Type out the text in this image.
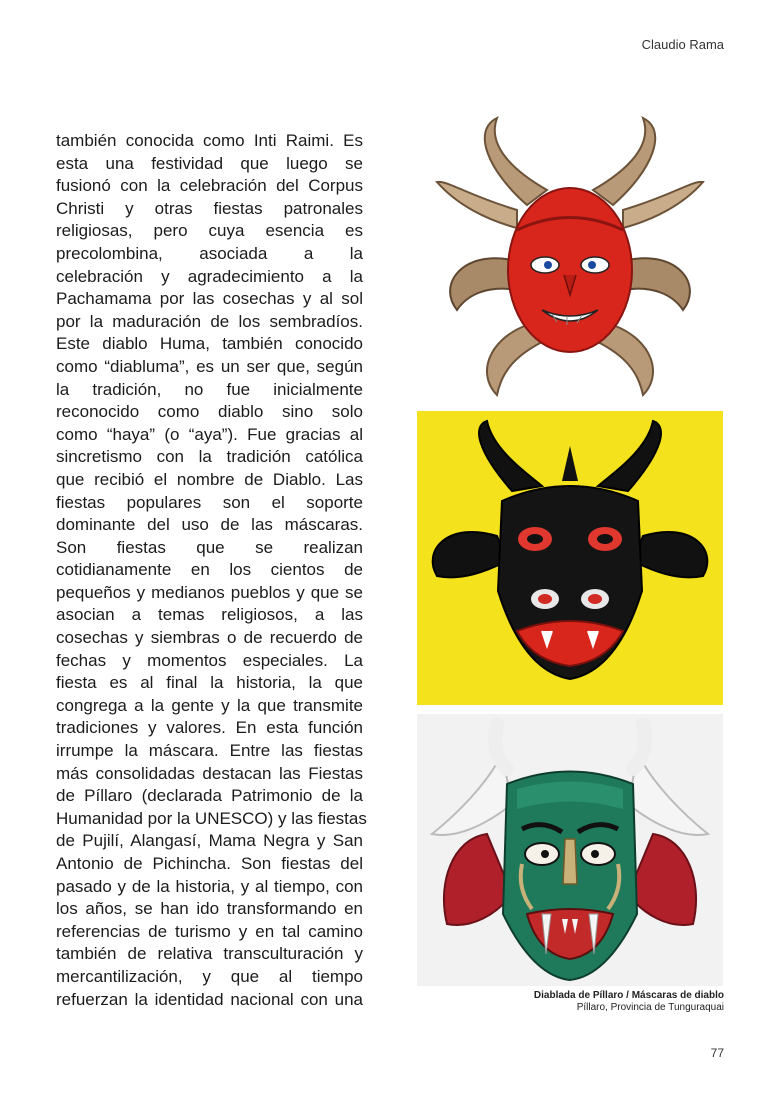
Claudio Rama
también conocida como Inti Raimi. Es
esta una festividad que luego se
fusionó con la celebración del Corpus
Christi y otras fiestas patronales
religiosas, pero cuya esencia es
precolombina, asociada a la
celebración y agradecimiento a la
Pachamama por las cosechas y al sol
por la maduración de los sembradíos.
Este diablo Huma, también conocido
como “diabluma”, es un ser que, según
la tradición, no fue inicialmente
reconocido como diablo sino solo
como “haya” (o “aya”). Fue gracias al
sincretismo con la tradición católica
que recibió el nombre de Diablo. Las
fiestas populares son el soporte
dominante del uso de las máscaras.
Son fiestas que se realizan
cotidianamente en los cientos de
pequeños y medianos pueblos y que se
asocian a temas religiosos, a las
cosechas y siembras o de recuerdo de
fechas y momentos especiales. La
fiesta es al final la historia, la que
congrega a la gente y la que transmite
tradiciones y valores. En esta función
irrumpe la máscara. Entre las fiestas
más consolidadas destacan las Fiestas
de Píllaro (declarada Patrimonio de la
Humanidad por la UNESCO) y las fiestas
de Pujilí, Alangasí, Mama Negra y San
Antonio de Pichincha. Son fiestas del
pasado y de la historia, y al tiempo, con
los años, se han ido transformando en
referencias de turismo y en tal camino
también de relativa transculturación y
mercantilización, y que al tiempo
refuerzan la identidad nacional con una	Diablada de Píllaro / Máscaras de diablo
Píllaro, Provincia de Tunguraquai
77
